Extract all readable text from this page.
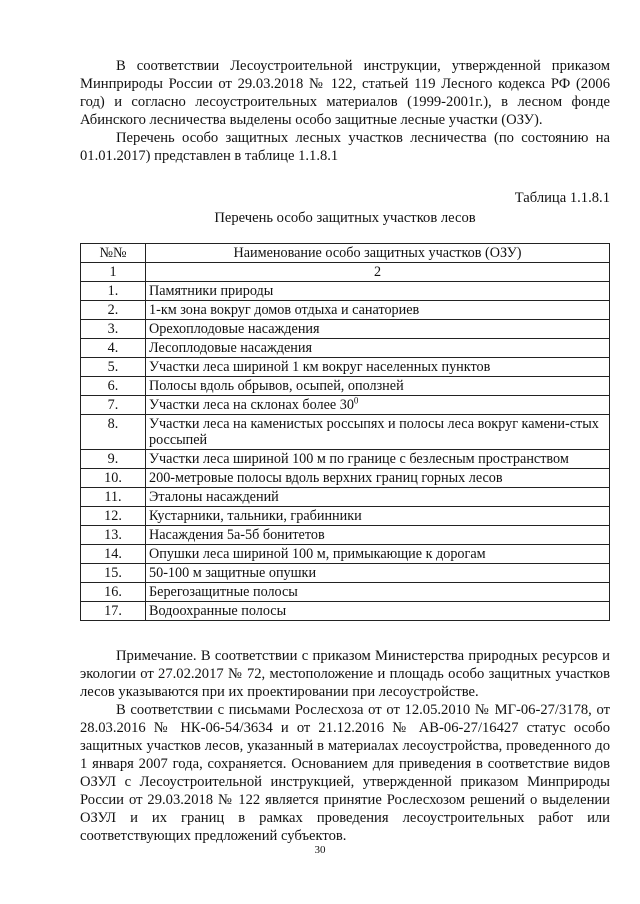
В соответствии Лесоустроительной инструкции, утвержденной приказом Минприроды России от 29.03.2018 № 122, статьей 119 Лесного кодекса РФ (2006 год) и согласно лесоустроительных материалов (1999-2001г.), в лесном фонде Абинского лесничества выделены особо защитные лесные участки (ОЗУ).

Перечень особо защитных лесных участков лесничества (по состоянию на 01.01.2017) представлен в таблице 1.1.8.1

Таблица 1.1.8.1
Перечень особо защитных участков лесов
№№	Наименование особо защитных участков (ОЗУ)
1	2
1.	Памятники природы
2.	1-км зона вокруг домов отдыха и санаториев
3.	Орехоплодовые насаждения
4.	Лесоплодовые насаждения
5.	Участки леса шириной 1 км вокруг населенных пунктов
6.	Полосы вдоль обрывов, осыпей, оползней
7.	Участки леса на склонах более $30^0$
8.	Участки леса на каменистых россыпях и полосы леса вокруг камени-стых россыпей
9.	Участки леса шириной 100 м по границе с безлесным пространством
10.	200-метровые полосы вдоль верхних границ горных лесов
11.	Эталоны насаждений
12.	Кустарники, тальники, грабинники
13.	Насаждения 5а-5б бонитетов
14.	Опушки леса шириной 100 м, примыкающие к дорогам
15.	50-100 м защитные опушки
16.	Берегозащитные полосы
17.	Водоохранные полосы

Примечание. В соответствии с приказом Министерства природных ресурсов и экологии от 27.02.2017 № 72, местоположение и площадь особо защитных участков лесов указываются при их проектировании при лесоустройстве.

В соответствии с письмами Рослесхоза от от 12.05.2010 № МГ-06-27/3178, от 28.03.2016 № НК-06-54/3634 и от 21.12.2016 № АВ-06-27/16427 статус особо защитных участков лесов, указанный в материалах лесоустройства, проведенного до 1 января 2007 года, сохраняется. Основанием для приведения в соответствие видов ОЗУЛ с Лесоустроительной инструкцией, утвержденной приказом Минприроды России от 29.03.2018 № 122 является принятие Рослесхозом решений о выделении ОЗУЛ и их границ в рамках проведения лесоустроительных работ или соответствующих предложений субъектов.

30
